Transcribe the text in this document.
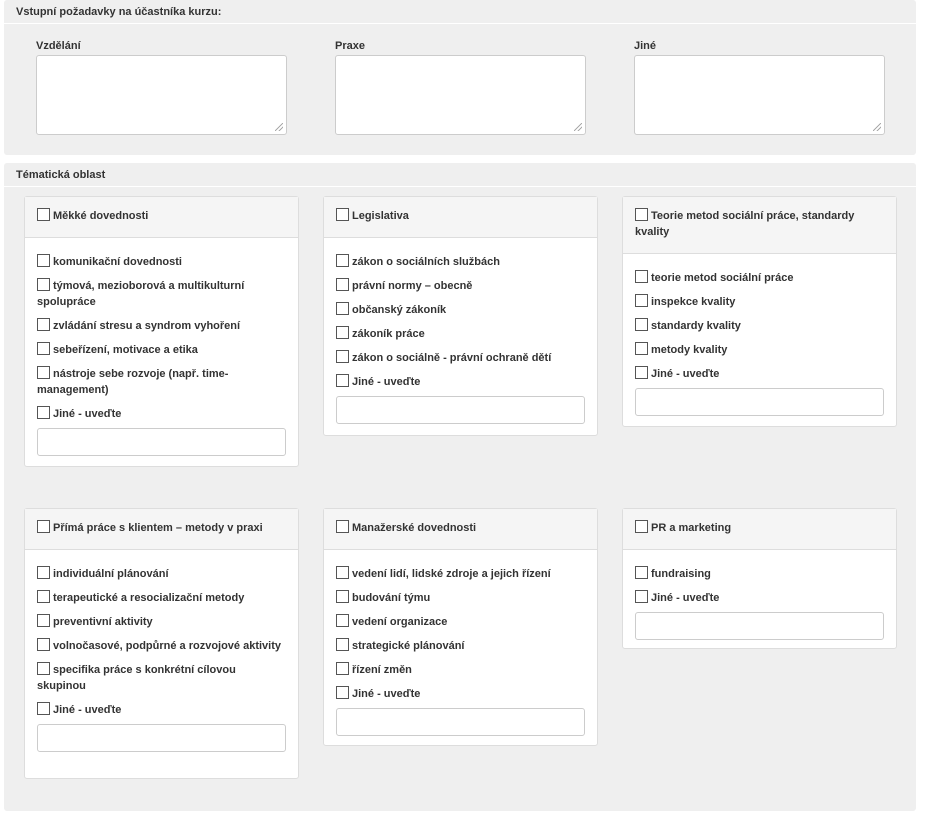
Vstupní požadavky na účastníka kurzu:
Vzdělání	Praxe	Jiné
Tématická oblast
Měkké dovednosti
komunikační dovednosti
týmová, mezioborová a multikulturní spolupráce
zvládání stresu a syndrom vyhoření
sebeřízení, motivace a etika
nástroje sebe rozvoje (např. time-management)
Jiné - uveďte
Legislativa
zákon o sociálních službách
právní normy – obecně
občanský zákoník
zákoník práce
zákon o sociálně - právní ochraně dětí
Jiné - uveďte
Teorie metod sociální práce, standardy kvality
teorie metod sociální práce
inspekce kvality
standardy kvality
metody kvality
Jiné - uveďte
Přímá práce s klientem – metody v praxi
individuální plánování
terapeutické a resocializační metody
preventivní aktivity
volnočasové, podpůrné a rozvojové aktivity
specifika práce s konkrétní cílovou skupinou
Jiné - uveďte
Manažerské dovednosti
vedení lidí, lidské zdroje a jejich řízení
budování týmu
vedení organizace
strategické plánování
řízení změn
Jiné - uveďte
PR a marketing
fundraising
Jiné - uveďte
